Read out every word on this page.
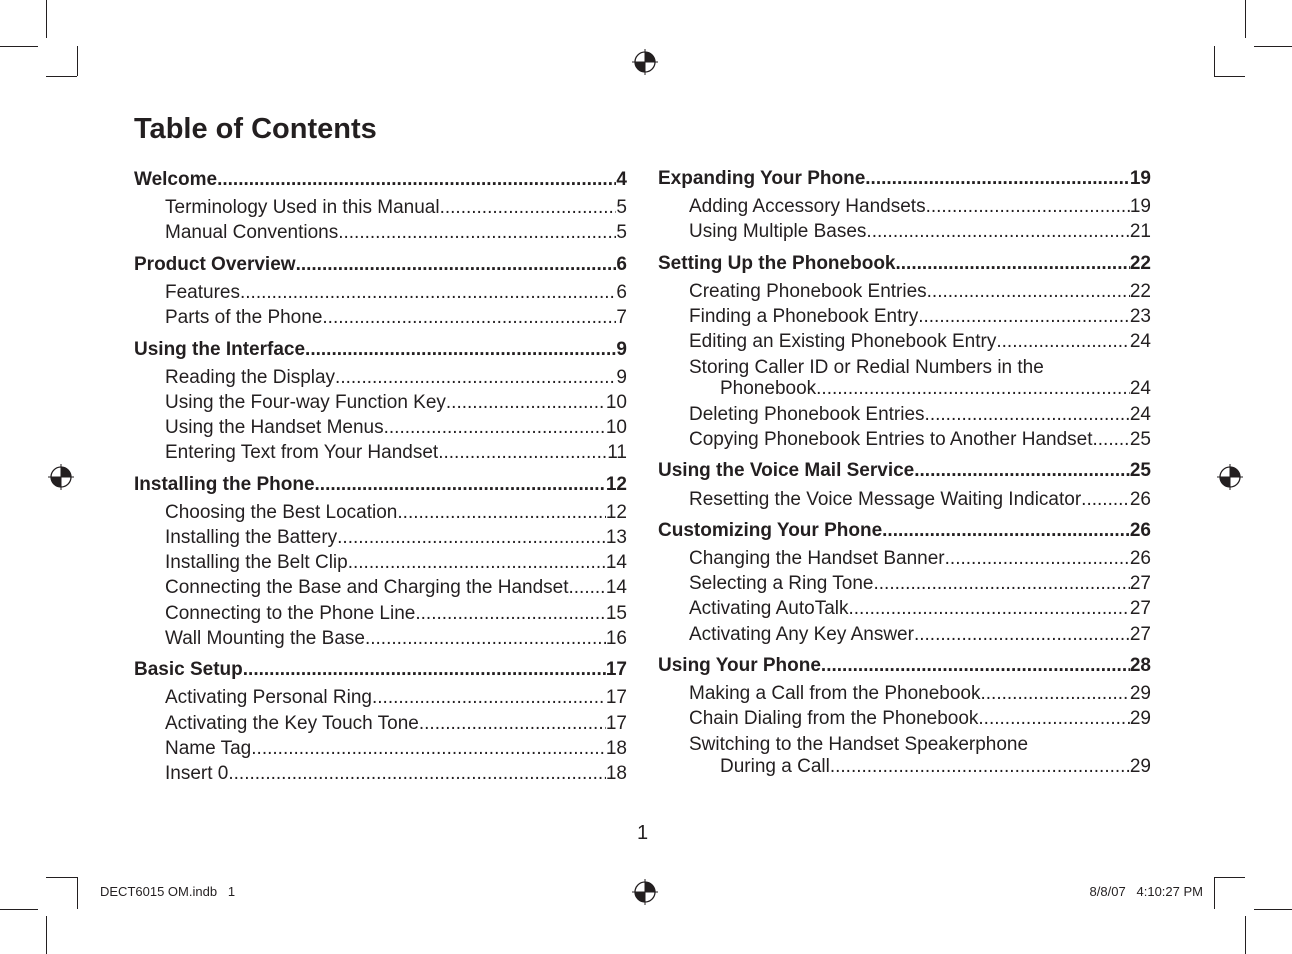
Table of Contents
Welcome .....	4
Terminology Used in this Manual .....	5
Manual Conventions .....	5
Product Overview .....	6
Features .....	6
Parts of the Phone .....	7
Using the Interface .....	9
Reading the Display .....	9
Using the Four-way Function Key .....	10
Using the Handset Menus .....	10
Entering Text from Your Handset .....	11
Installing the Phone .....	12
Choosing the Best Location .....	12
Installing the Battery .....	13
Installing the Belt Clip .....	14
Connecting the Base and Charging the Handset ..... 14
Connecting to the Phone Line .....	15
Wall Mounting the Base .....	16
Basic Setup .....	17
Activating Personal Ring .....	17
Activating the Key Touch Tone .....	17
Name Tag .....	18
Insert 0 .....	18
Expanding Your Phone .....	19
Adding Accessory Handsets .....	19
Using Multiple Bases .....	21
Setting Up the Phonebook .....	22
Creating Phonebook Entries .....	22
Finding a Phonebook Entry .....	23
Editing an Existing Phonebook Entry .....	24
Storing Caller ID or Redial Numbers in the
Phonebook .....	24
Deleting Phonebook Entries .....	24
Copying Phonebook Entries to Another Handset ..... 25
Using the Voice Mail Service .....	25
Resetting the Voice Message Waiting Indicator .....	26
Customizing Your Phone .....	26
Changing the Handset Banner .....	26
Selecting a Ring Tone .....	27
Activating AutoTalk .....	27
Activating Any Key Answer .....	27
Using Your Phone .....	28
Making a Call from the Phonebook .....	29
Chain Dialing from the Phonebook .....	29
Switching to the Handset Speakerphone
During a Call .....	29
1
DECT6015 OM.indb   1	8/8/07   4:10:27 PM
